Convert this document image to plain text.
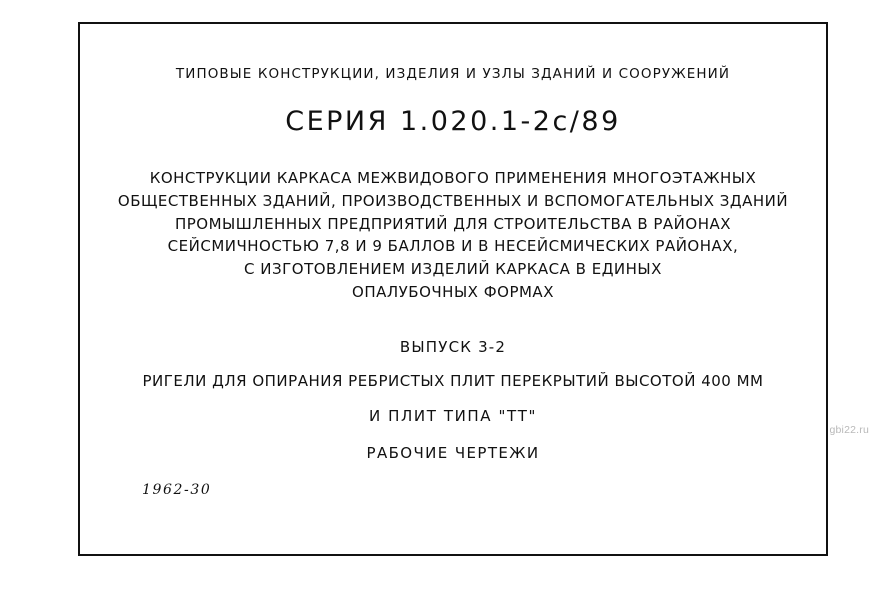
ТИПОВЫЕ КОНСТРУКЦИИ, ИЗДЕЛИЯ И УЗЛЫ ЗДАНИЙ И СООРУЖЕНИЙ
СЕРИЯ 1.020.1-2с/89
КОНСТРУКЦИИ КАРКАСА МЕЖВИДОВОГО ПРИМЕНЕНИЯ МНОГОЭТАЖНЫХ
ОБЩЕСТВЕННЫХ ЗДАНИЙ, ПРОИЗВОДСТВЕННЫХ И ВСПОМОГАТЕЛЬНЫХ ЗДАНИЙ
ПРОМЫШЛЕННЫХ ПРЕДПРИЯТИЙ ДЛЯ СТРОИТЕЛЬСТВА В РАЙОНАХ
СЕЙСМИЧНОСТЬЮ 7,8 И 9 БАЛЛОВ И В НЕСЕЙСМИЧЕСКИХ РАЙОНАХ,
С ИЗГОТОВЛЕНИЕМ ИЗДЕЛИЙ КАРКАСА В ЕДИНЫХ
ОПАЛУБОЧНЫХ ФОРМАХ
ВЫПУСК 3-2
РИГЕЛИ ДЛЯ ОПИРАНИЯ РЕБРИСТЫХ ПЛИТ ПЕРЕКРЫТИЙ ВЫСОТОЙ 400 ММ
И ПЛИТ ТИПА "ТТ"
РАБОЧИЕ ЧЕРТЕЖИ
1962-30
gbi22.ru
